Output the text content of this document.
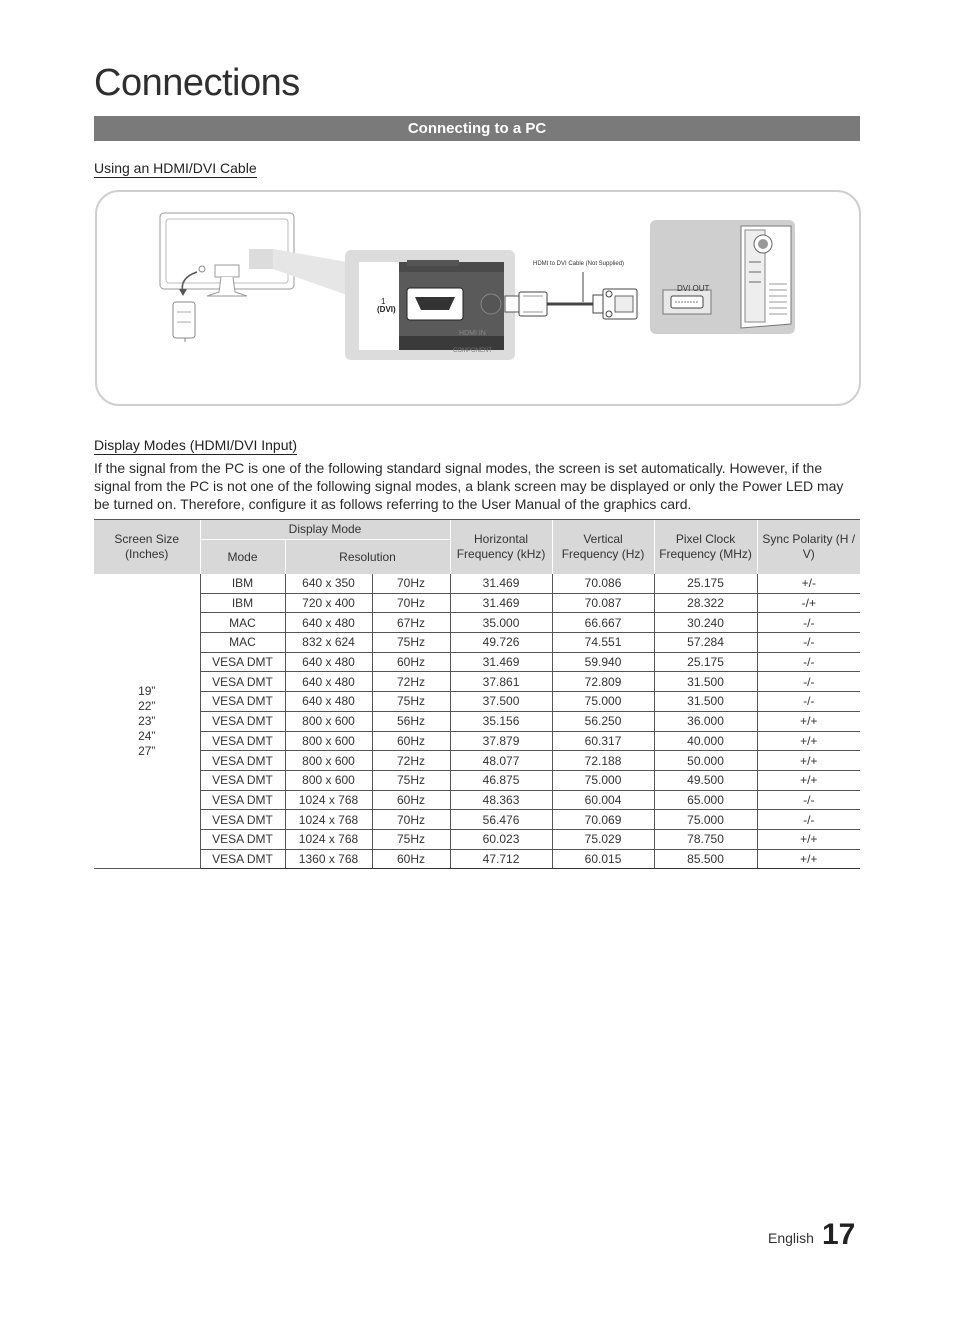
Connections
Connecting to a PC
Using an HDMI/DVI Cable
1
(DVI)
HDMI IN
COMPONENT
HDMI to DVI Cable (Not Supplied)
DVI OUT
Display Modes (HDMI/DVI Input)
If the signal from the PC is one of the following standard signal modes, the screen is set automatically. However, if the signal from the PC is not one of the following signal modes, a blank screen may be displayed or only the Power LED may be turned on. Therefore, configure it as follows referring to the User Manual of the graphics card.
Screen Size (Inches)	Display Mode			Horizontal Frequency (kHz)	Vertical Frequency (Hz)	Pixel Clock Frequency (MHz)	Sync Polarity (H / V)
	Mode	Resolution					

19”
22”
23”
24”
27”	IBM	640 x 350	70Hz	31.469	70.086	25.175	+/-
	IBM	720 x 400	70Hz	31.469	70.087	28.322	-/+
	MAC	640 x 480	67Hz	35.000	66.667	30.240	-/-
	MAC	832 x 624	75Hz	49.726	74.551	57.284	-/-
	VESA DMT	640 x 480	60Hz	31.469	59.940	25.175	-/-
	VESA DMT	640 x 480	72Hz	37.861	72.809	31.500	-/-
	VESA DMT	640 x 480	75Hz	37.500	75.000	31.500	-/-
	VESA DMT	800 x 600	56Hz	35.156	56.250	36.000	+/+
	VESA DMT	800 x 600	60Hz	37.879	60.317	40.000	+/+
	VESA DMT	800 x 600	72Hz	48.077	72.188	50.000	+/+
	VESA DMT	800 x 600	75Hz	46.875	75.000	49.500	+/+
	VESA DMT	1024 x 768	60Hz	48.363	60.004	65.000	-/-
	VESA DMT	1024 x 768	70Hz	56.476	70.069	75.000	-/-
	VESA DMT	1024 x 768	75Hz	60.023	75.029	78.750	+/+
	VESA DMT	1360 x 768	60Hz	47.712	60.015	85.500	+/+
English 17
